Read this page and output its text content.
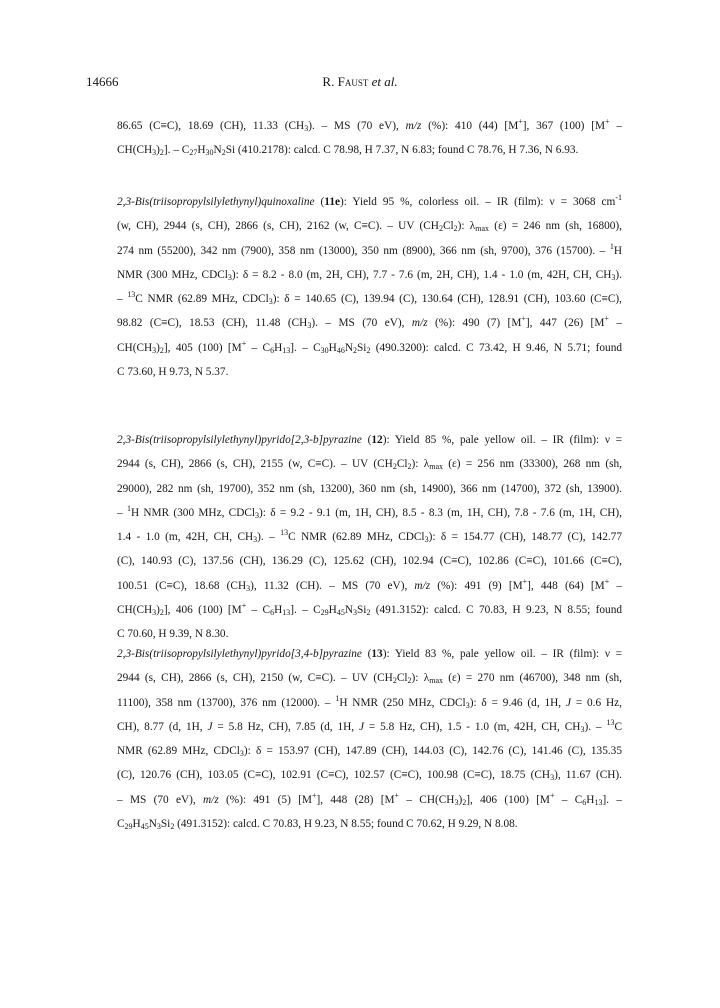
14666	R. Faust et al.

86.65 (C≡C), 18.69 (CH), 11.33 $(CH_3)$. – MS (70 eV), m/z (%): 410 (44) [M+], 367 (100) [M+ –

$CH(CH_3)_2$]. – $C_{27}H_{30}N_2Si$ (410.2178): calcd. C 78.98, H 7.37, N 6.83; found C 78.76, H 7.36, N 6.93.

2,3-Bis(triisopropylsilylethynyl)quinoxaline (11e): Yield 95 %, colorless oil. – IR (film): ν = 3068 $cm^{-1}$

(w, CH), 2944 (s, CH), 2866 (s, CH), 2162 (w, C≡C). – UV $(CH_2Cl_2)$: $\lambda_{max}$ (ε) = 246 nm (sh, 16800),

274 nm (55200), 342 nm (7900), 358 nm (13000), 350 nm (8900), 366 nm (sh, 9700), 376 (15700). – $^1$H

NMR (300 MHz, CDCl$_3$): δ = 8.2 - 8.0 (m, 2H, CH), 7.7 - 7.6 (m, 2H, CH), 1.4 - 1.0 (m, 42H, CH, $CH_3$).

– $^{13}$C NMR (62.89 MHz, CDCl$_3$): δ = 140.65 (C), 139.94 (C), 130.64 (CH), 128.91 (CH), 103.60 (C≡C),

98.82 (C≡C), 18.53 (CH), 11.48 $(CH_3)$. – MS (70 eV), m/z (%): 490 (7) [M+], 447 (26) [M+ –

$CH(CH_3)_2$], 405 (100) $[M^+ - C_6H_{13}]$. – $C_{30}H_{46}N_2Si_2$ (490.3200): calcd. C 73.42, H 9.46, N 5.71; found

C 73.60, H 9.73, N 5.37.

2,3-Bis(triisopropylsilylethynyl)pyrido[2,3-b]pyrazine (12): Yield 85 %, pale yellow oil. – IR (film): ν =

2944 (s, CH), 2866 (s, CH), 2155 (w, C≡C). – UV $(CH_2Cl_2)$: $\lambda_{max}$ (ε) = 256 nm (33300), 268 nm (sh,

29000), 282 nm (sh, 19700), 352 nm (sh, 13200), 360 nm (sh, 14900), 366 nm (14700), 372 (sh, 13900).

– $^1$H NMR (300 MHz, CDCl$_3$): δ = 9.2 - 9.1 (m, 1H, CH), 8.5 - 8.3 (m, 1H, CH), 7.8 - 7.6 (m, 1H, CH),

1.4 - 1.0 (m, 42H, CH, $CH_3$). – $^{13}$C NMR (62.89 MHz, CDCl$_3$): δ = 154.77 (CH), 148.77 (C), 142.77

(C), 140.93 (C), 137.56 (CH), 136.29 (C), 125.62 (CH), 102.94 (C≡C), 102.86 (C≡C), 101.66 (C≡C),

100.51 (C≡C), 18.68 $(CH_3)$, 11.32 (CH). – MS (70 eV), m/z (%): 491 (9) [M+], 448 (64) [M+ –

$CH(CH_3)_2$], 406 (100) $[M^+ - C_6H_{13}]$. – $C_{29}H_{45}N_3Si_2$ (491.3152): calcd. C 70.83, H 9.23, N 8.55; found

C 70.60, H 9.39, N 8.30.

2,3-Bis(triisopropylsilylethynyl)pyrido[3,4-b]pyrazine (13): Yield 83 %, pale yellow oil. – IR (film): ν =

2944 (s, CH), 2866 (s, CH), 2150 (w, C≡C). – UV $(CH_2Cl_2)$: $\lambda_{max}$ (ε) = 270 nm (46700), 348 nm (sh,

11100), 358 nm (13700), 376 nm (12000). – $^1$H NMR (250 MHz, CDCl$_3$): δ = 9.46 (d, 1H, J = 0.6 Hz,

CH), 8.77 (d, 1H, J = 5.8 Hz, CH), 7.85 (d, 1H, J = 5.8 Hz, CH), 1.5 - 1.0 (m, 42H, CH, $CH_3$). – $^{13}$C

NMR (62.89 MHz, CDCl$_3$): δ = 153.97 (CH), 147.89 (CH), 144.03 (C), 142.76 (C), 141.46 (C), 135.35

(C), 120.76 (CH), 103.05 (C≡C), 102.91 (C≡C), 102.57 (C≡C), 100.98 (C≡C), 18.75 $(CH_3)$, 11.67 (CH).

– MS (70 eV), m/z (%): 491 (5) [M+], 448 (28) $[M^+ - CH(CH_3)_2]$, 406 (100) $[M^+ - C_6H_{13}]$. –

$C_{29}H_{45}N_3Si_2$ (491.3152): calcd. C 70.83, H 9.23, N 8.55; found C 70.62, H 9.29, N 8.08.
